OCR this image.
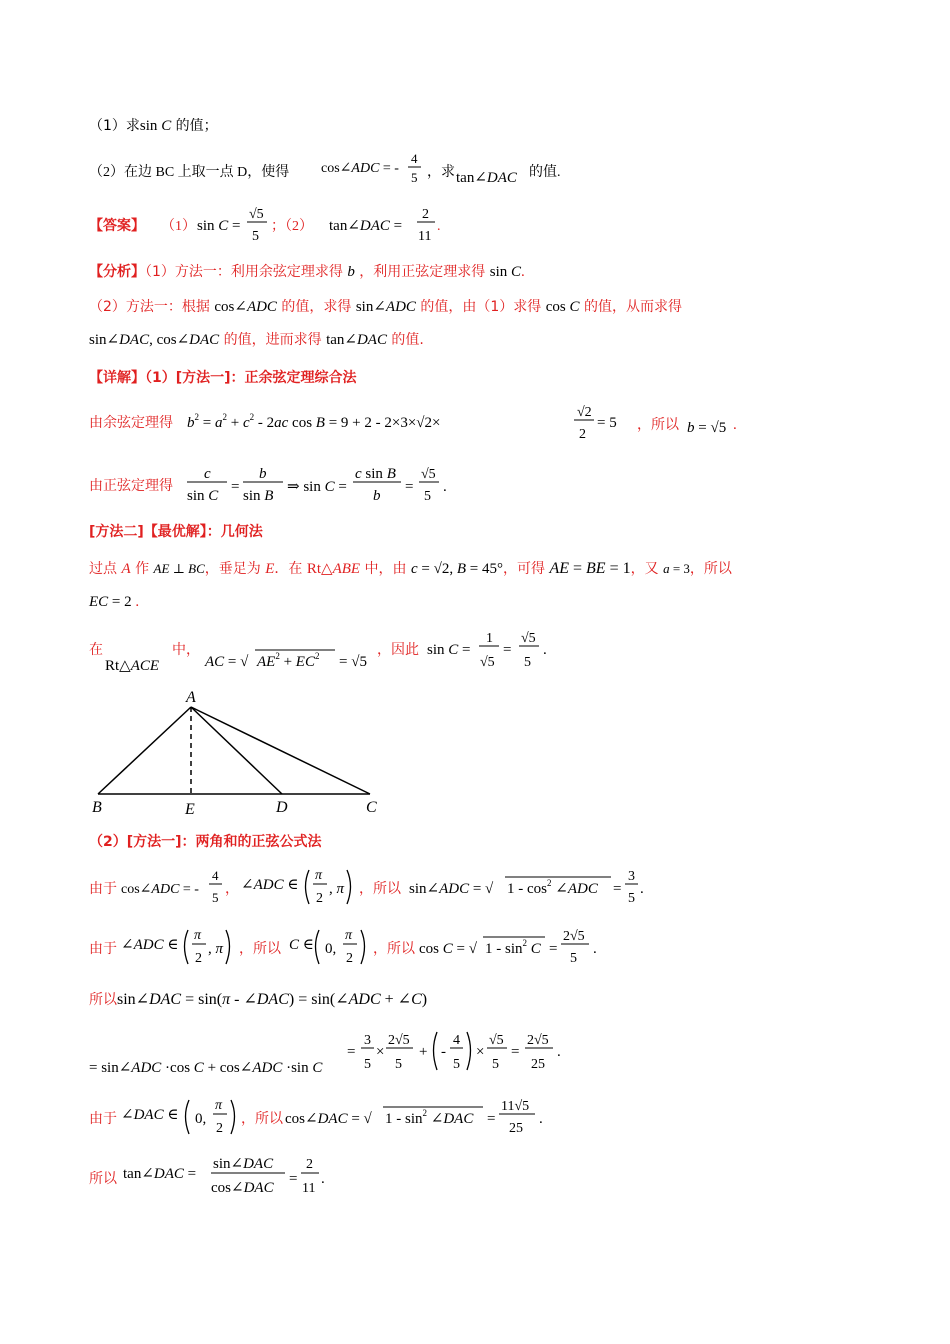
（1）求sin C 的值；
（2）在边 BC 上取一点 D，使得 cos∠ADC = -
4
5 ，求 tan∠DAC 的值.
【答案】 （1） sin C =
√5
5
；（2） tan∠DAC =
2
11
.
【分析】（1）方法一：利用余弦定理求得 b ，利用正弦定理求得 sin C.
（2）方法一：根据 cos∠ADC 的值，求得 sin∠ADC 的值，由（1）求得 cos C 的值，从而求得
sin∠DAC, cos∠DAC 的值，进而求得 tan∠DAC 的值.
【详解】（1）[方法一]：正余弦定理综合法
由余弦定理得 $b^2 = a^2 + c^2 - 2ac$ cos B = 9 + 2 - 2×3×√2×
√2
2
= 5 ，所以 b = √5 .
由正弦定理得
c
sin C
=
b
sin B
⇒ sin C =
c sin B
b
=
√5
5
.
[方法二]【最优解】：几何法
过点 A 作 AE ⊥ BC，垂足为 E．在 Rt△ABE 中，由 c = √2, B = 45°，可得 AE = BE = 1，又 a = 3，所以
EC = 2 .
在
Rt△ACE
中，
AC = √ $AE^2 + EC^2 = √5$
，因此 sin C =
1
√5
=
√5
5
.
A
B	E	D	C
（2）[方法一]：两角和的正弦公式法
由于 cos∠ADC = -
4
5
， ∠ADC ∈
π
2
, π ，所以 sin∠ADC = √ $1 - \cos^2$ ∠ADC =
3
5
.
由于 ∠ADC ∈
π
2
, π ，所以 C ∈ 0,
π
2
，所以 cos C = √ $1 - \sin^2 C$ =
2√5
5
.
所以sin∠DAC = sin(π - ∠DAC) = sin(∠ADC + ∠C)
= sin∠ADC ·cos C + cos∠ADC ·sin C
=
3
5
×
2√5
5
+ -
4
5
×
√5
5
=
2√5
25
.
由于 ∠DAC ∈ 0,
π
2
，所以 cos∠DAC = √ $1 - \sin^2$ ∠DAC =
11√5
25
.
所以 tan∠DAC =
sin∠DAC
cos∠DAC
=
2
11
.
